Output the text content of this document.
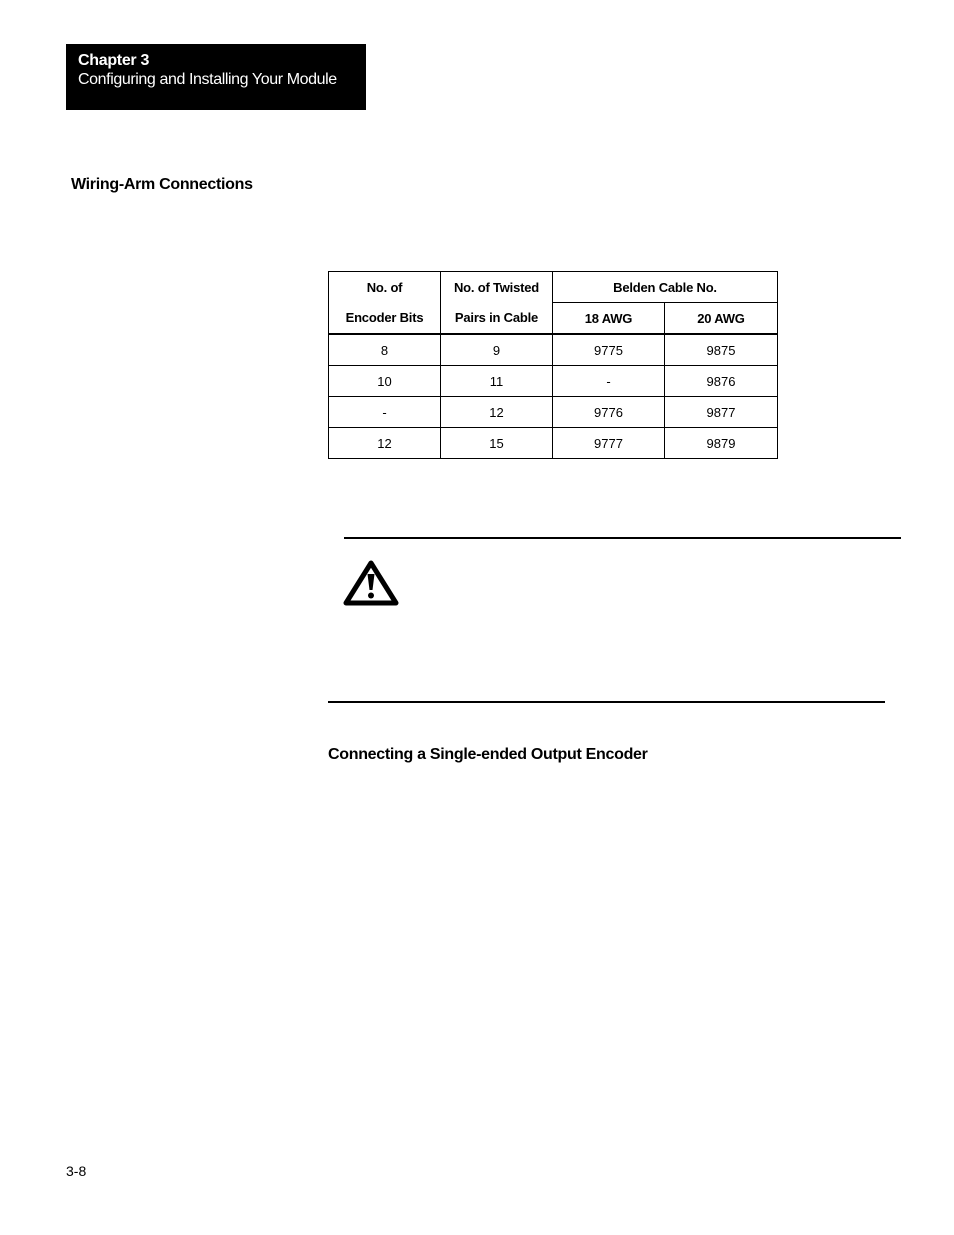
Chapter 3
Configuring and Installing Your Module
Wiring-Arm Connections
No. of	No. of Twisted	Belden Cable No.	
Encoder Bits	Pairs in Cable	18 AWG	20 AWG
8	9	9775	9875
10	11	-	9876
-	12	9776	9877
12	15	9777	9879
Connecting a Single-ended Output Encoder
3-8
